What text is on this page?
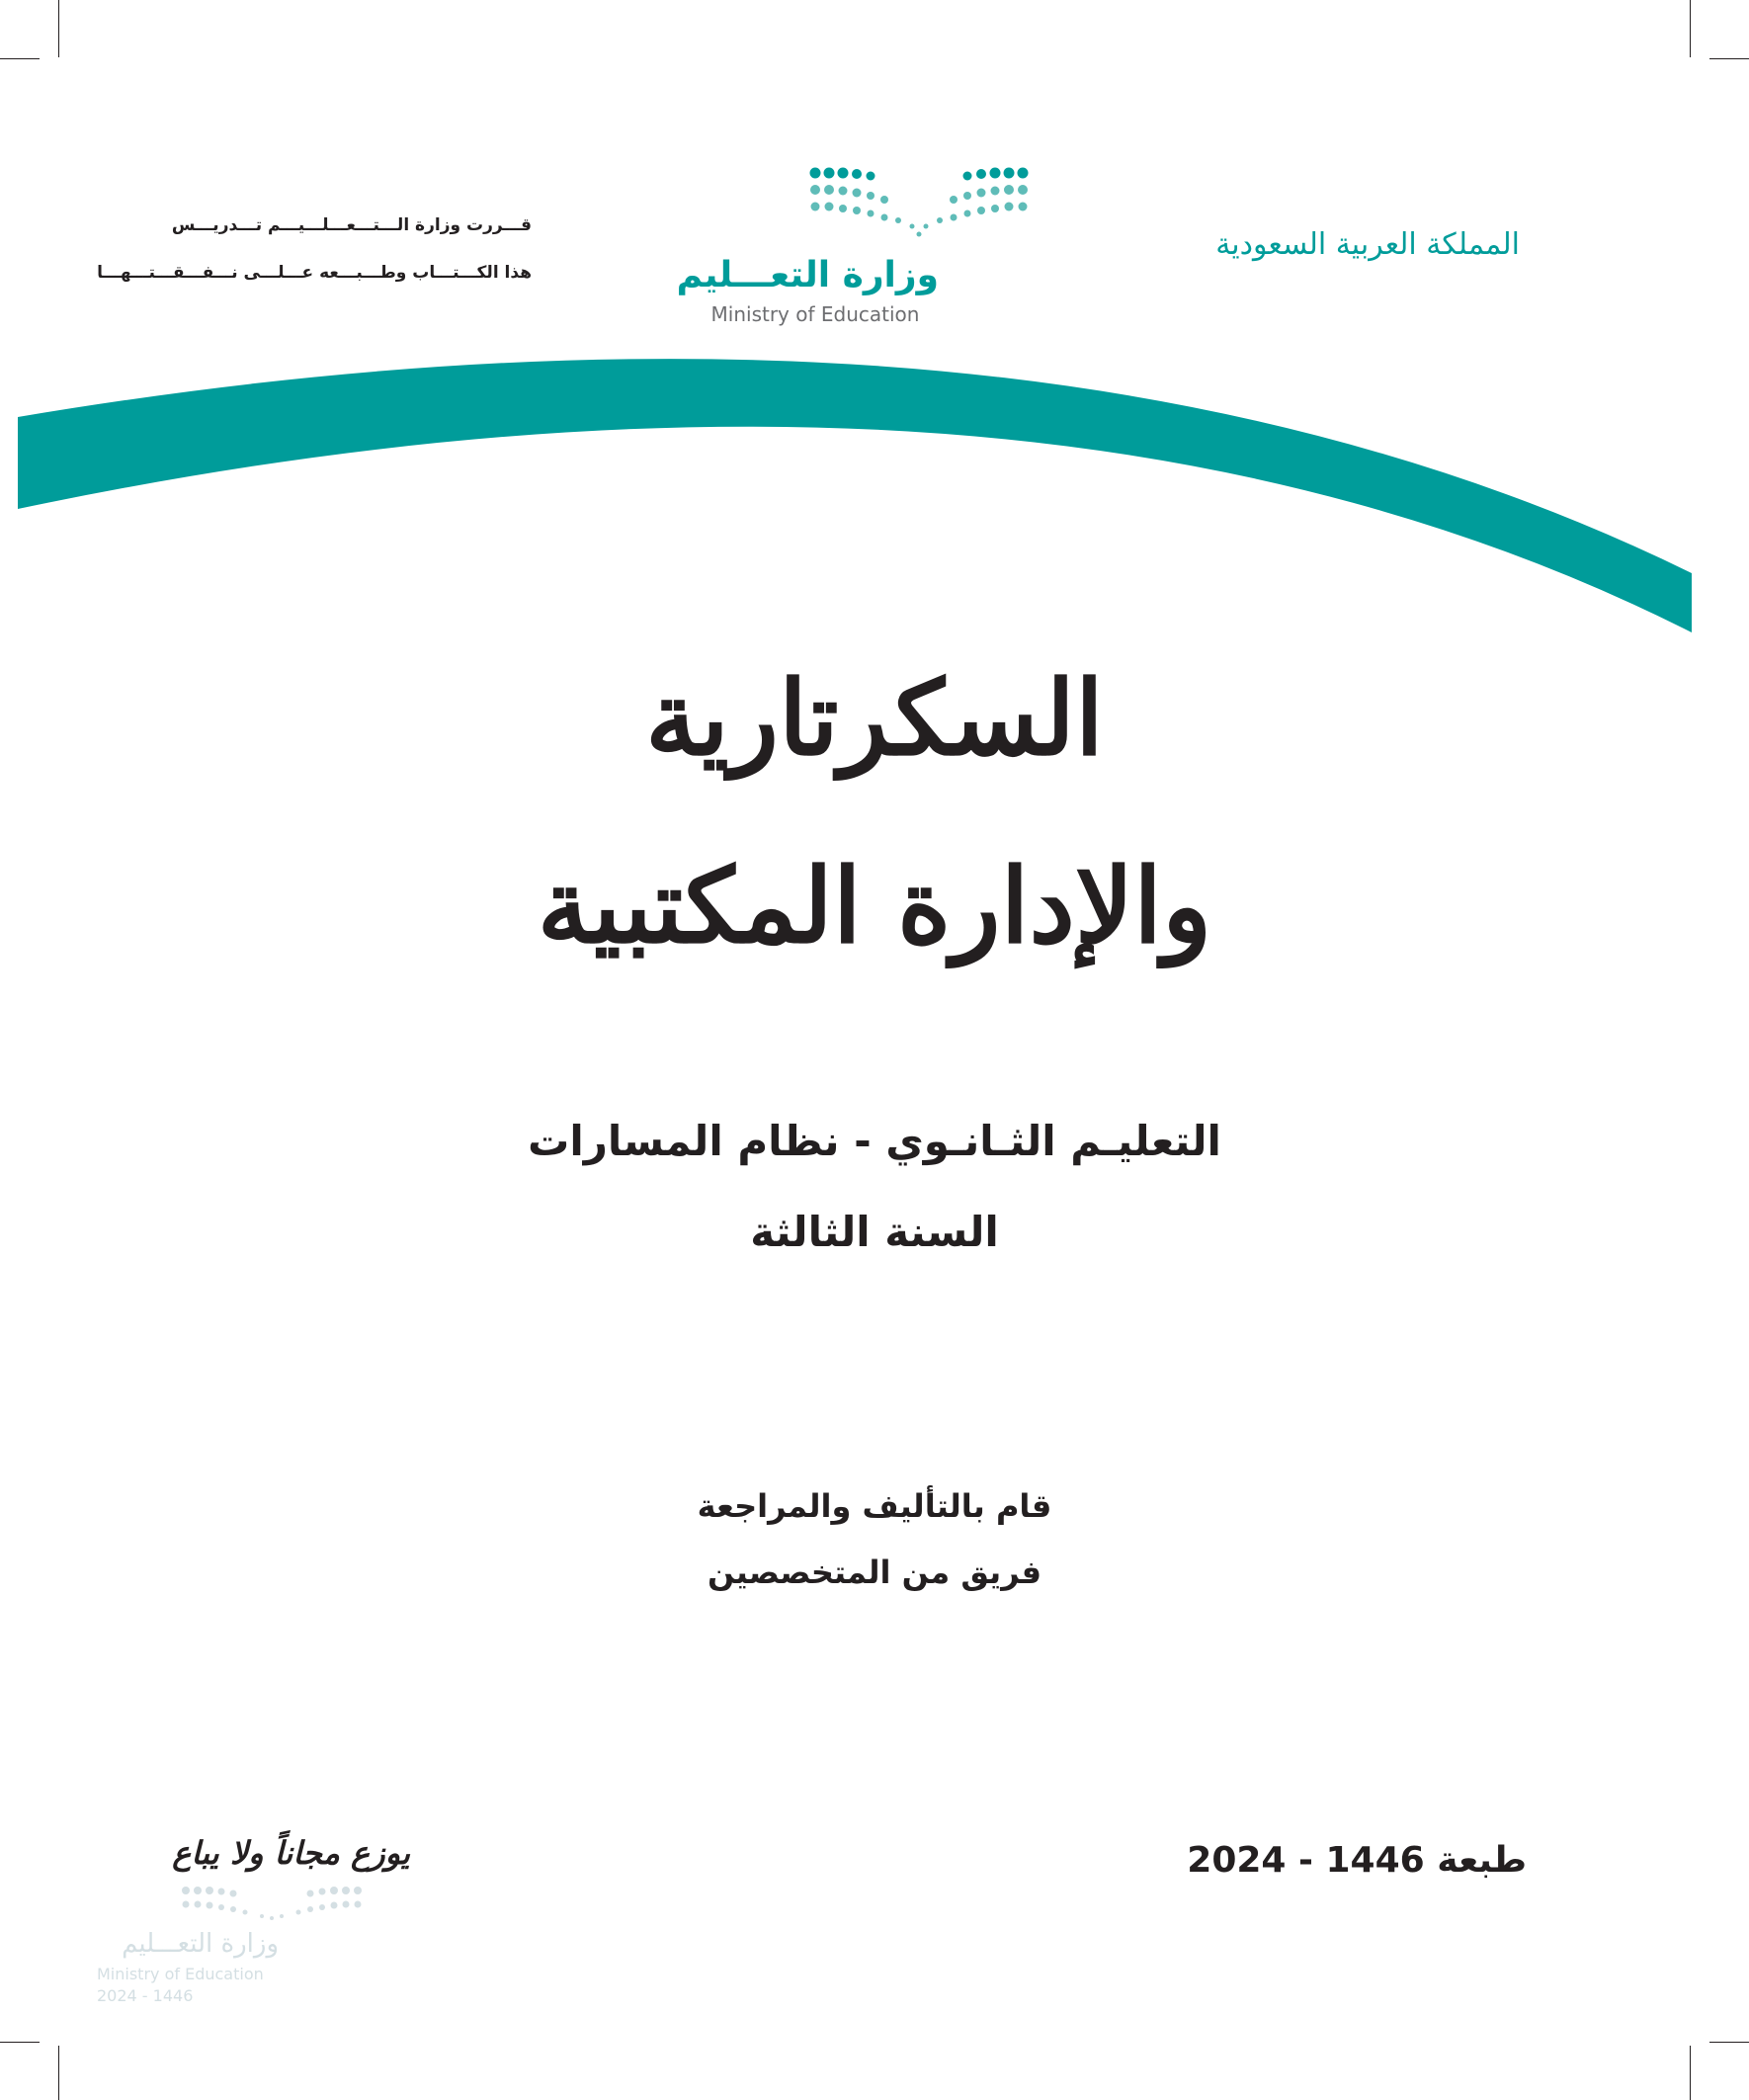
المملكة العربية السعودية
قـــررت وزارة الـــتـــعـــلـــيـــم تـــدريـــس
هذا الكـــتـــاب وطـــبـــعه عـــلـــى نـــفـــقـــتـــهـــا	وزارة التعـــليم
Ministry of Education
السكرتارية
والإدارة المكتبية
التعليـم الثـانـوي - نظام المسارات
السنة الثالثة
قام بالتأليف والمراجعة
فريق من المتخصصين
طبعة 1446 - 2024
يوزع مجاناً ولا يباع
وزارة التعـــليم
Ministry of Education
2024 - 1446
